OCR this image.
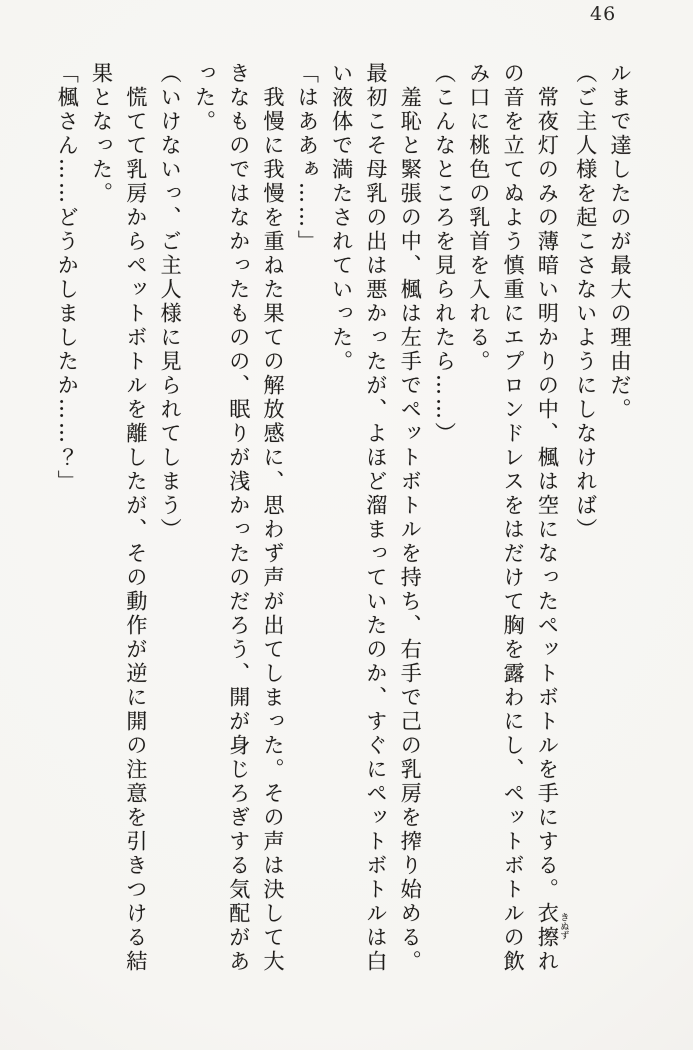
46
ルまで達したのが最大の理由だ。
（ご主人様を起こさないようにしなければ）
常夜灯のみの薄暗い明かりの中、楓は空になったペットボトルを手にする。衣擦 きぬずれ
の音を立てぬよう慎重にエプロンドレスをはだけて胸を露わにし、ペットボトルの飲
み口に桃色の乳首を入れる。
（こんなところを見られたら……）
羞恥と緊張の中、楓は左手でペットボトルを持ち、右手で己の乳房を搾り始める。
最初こそ母乳の出は悪かったが、よほど溜まっていたのか、すぐにペットボトルは白
い液体で満たされていった。
「はああぁ……」
我慢に我慢を重ねた果ての解放感に、思わず声が出てしまった。その声は決して大
きなものではなかったものの、眠りが浅かったのだろう、開が身じろぎする気配があ
った。
（いけないっ、ご主人様に見られてしまう）
慌てて乳房からペットボトルを離したが、その動作が逆に開の注意を引きつける結
果となった。
「楓さん……どうかしましたか……？」
